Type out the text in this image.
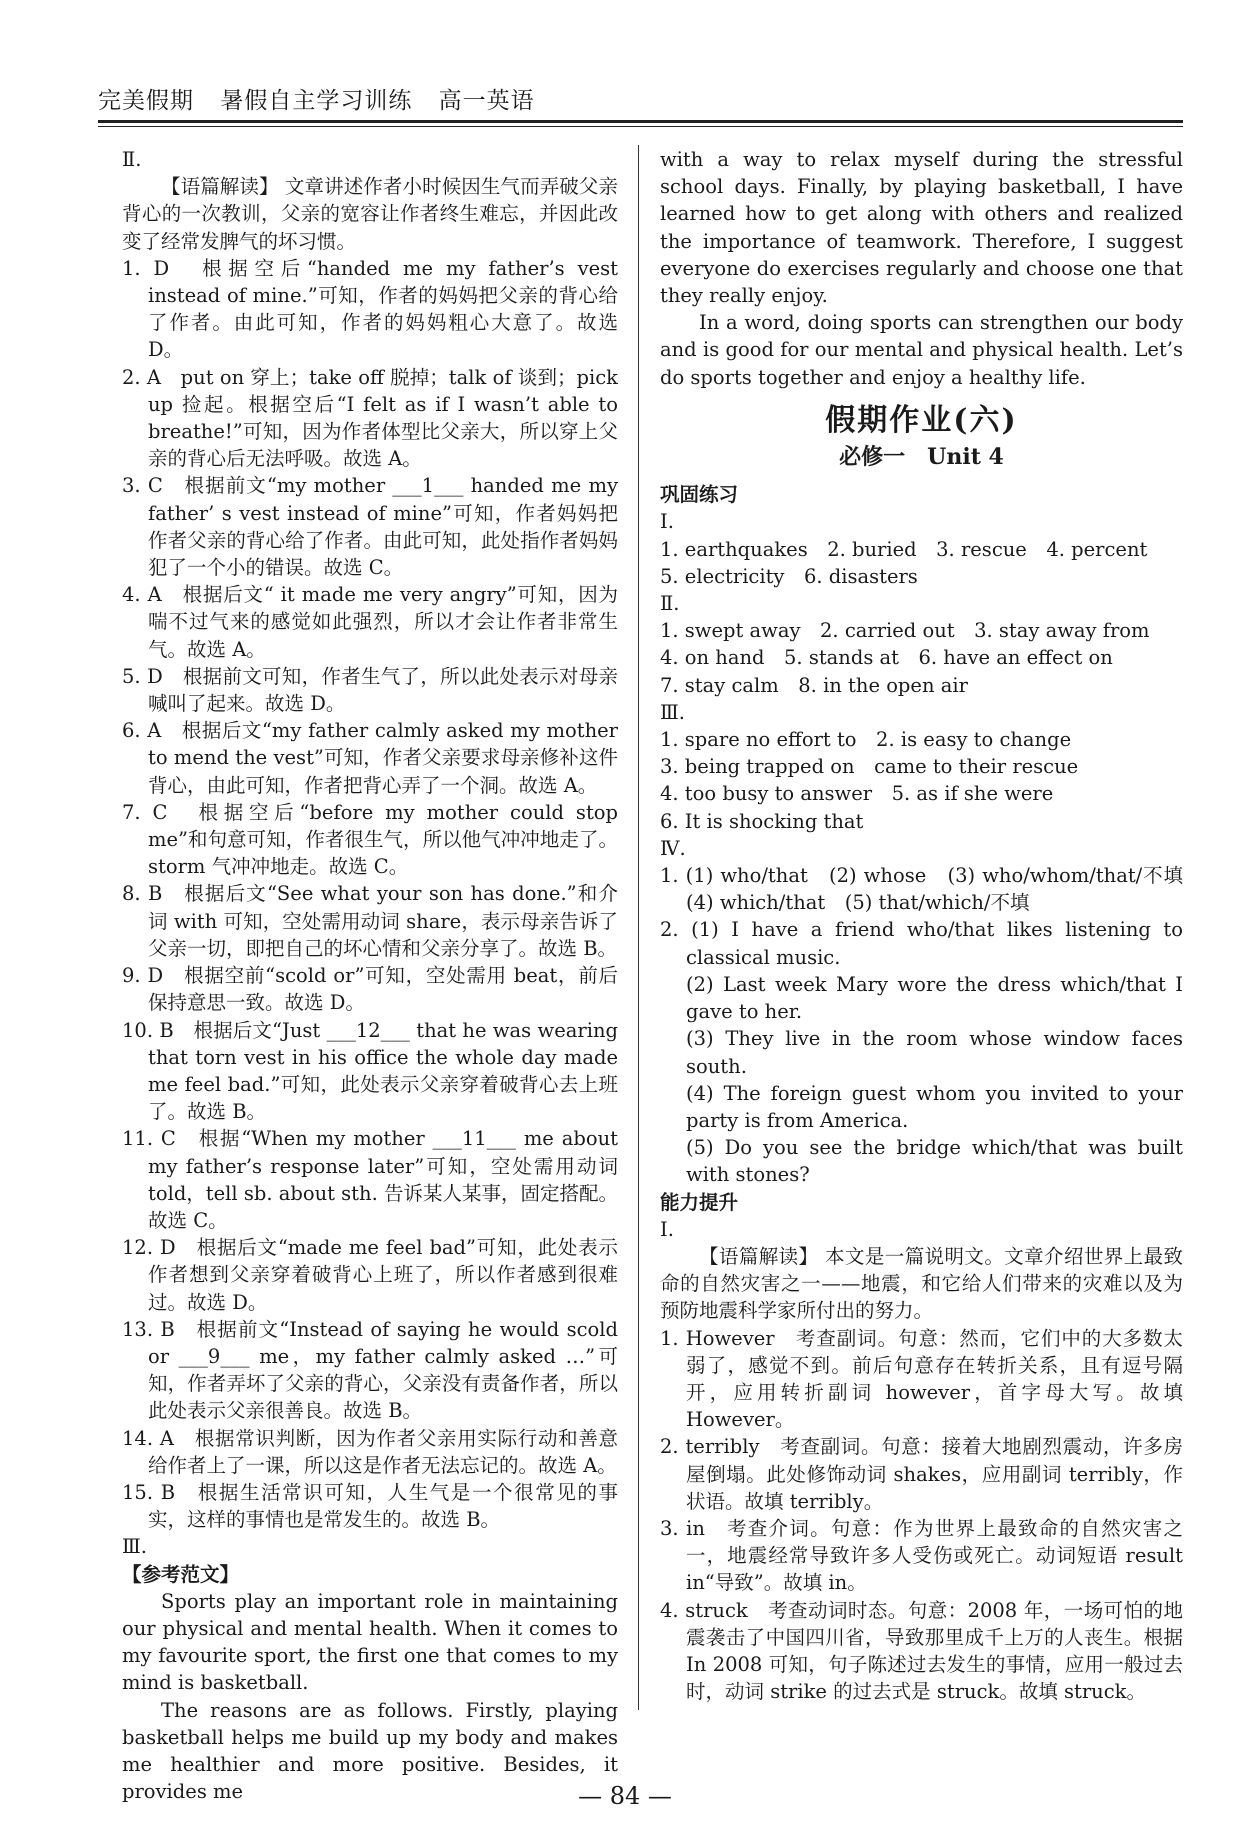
完美假期 暑假自主学习训练 高一英语

Ⅱ.

【语篇解读】 文章讲述作者小时候因生气而弄破父亲背心的一次教训，父亲的宽容让作者终生难忘，并因此改变了经常发脾气的坏习惯。

1. D　根据空后“handed me my father’s vest instead of mine.”可知，作者的妈妈把父亲的背心给了作者。由此可知，作者的妈妈粗心大意了。故选 D。

2. A　put on 穿上；take off 脱掉；talk of 谈到；pick up 捡起。根据空后“I felt as if I wasn’t able to breathe!”可知，因为作者体型比父亲大，所以穿上父亲的背心后无法呼吸。故选 A。

3. C　根据前文“my mother ___1___ handed me my father’ s vest instead of mine”可知，作者妈妈把作者父亲的背心给了作者。由此可知，此处指作者妈妈犯了一个小的错误。故选 C。

4. A　根据后文“ it made me very angry”可知，因为喘不过气来的感觉如此强烈，所以才会让作者非常生气。故选 A。

5. D　根据前文可知，作者生气了，所以此处表示对母亲喊叫了起来。故选 D。

6. A　根据后文“my father calmly asked my mother to mend the vest”可知，作者父亲要求母亲修补这件背心，由此可知，作者把背心弄了一个洞。故选 A。

7. C　根据空后“before my mother could stop me”和句意可知，作者很生气，所以他气冲冲地走了。storm 气冲冲地走。故选 C。

8. B　根据后文“See what your son has done.”和介词 with 可知，空处需用动词 share，表示母亲告诉了父亲一切，即把自己的坏心情和父亲分享了。故选 B。

9. D　根据空前“scold or”可知，空处需用 beat，前后保持意思一致。故选 D。

10. B　根据后文“Just ___12___ that he was wearing that torn vest in his office the whole day made me feel bad.”可知，此处表示父亲穿着破背心去上班了。故选 B。

11. C　根据“When my mother ___11___ me about my father’s response later”可知，空处需用动词 told，tell sb. about sth. 告诉某人某事，固定搭配。故选 C。

12. D　根据后文“made me feel bad”可知，此处表示作者想到父亲穿着破背心上班了，所以作者感到很难过。故选 D。

13. B　根据前文“Instead of saying he would scold or ___9___ me，my father calmly asked …”可知，作者弄坏了父亲的背心，父亲没有责备作者，所以此处表示父亲很善良。故选 B。

14. A　根据常识判断，因为作者父亲用实际行动和善意给作者上了一课，所以这是作者无法忘记的。故选 A。

15. B　根据生活常识可知，人生气是一个很常见的事实，这样的事情也是常发生的。故选 B。

Ⅲ.

【参考范文】

Sports play an important role in maintaining our physical and mental health. When it comes to my favourite sport, the first one that comes to my mind is basketball.

The reasons are as follows. Firstly, playing basketball helps me build up my body and makes me healthier and more positive. Besides, it provides me

with a way to relax myself during the stressful school days. Finally, by playing basketball, I have learned how to get along with others and realized the importance of teamwork. Therefore, I suggest everyone do exercises regularly and choose one that they really enjoy.

In a word, doing sports can strengthen our body and is good for our mental and physical health. Let’s do sports together and enjoy a healthy life.

假期作业(六)
必修一　Unit 4

巩固练习

Ⅰ.

1. earthquakes　2. buried　3. rescue　4. percent

5. electricity　6. disasters

Ⅱ.

1. swept away　2. carried out　3. stay away from

4. on hand　5. stands at　6. have an effect on

7. stay calm　8. in the open air

Ⅲ.

1. spare no effort to　2. is easy to change

3. being trapped on　came to their rescue

4. too busy to answer　5. as if she were

6. It is shocking that

Ⅳ.

1. (1) who/that　(2) whose　(3) who/whom/that/不填　(4) which/that　(5) that/which/不填

2. (1) I have a friend who/that likes listening to classical music.

(2) Last week Mary wore the dress which/that I gave to her.

(3) They live in the room whose window faces south.

(4) The foreign guest whom you invited to your party is from America.

(5) Do you see the bridge which/that was built with stones?

能力提升

Ⅰ.

【语篇解读】 本文是一篇说明文。文章介绍世界上最致命的自然灾害之一——地震，和它给人们带来的灾难以及为预防地震科学家所付出的努力。

1. However　考查副词。句意：然而，它们中的大多数太弱了，感觉不到。前后句意存在转折关系，且有逗号隔开，应用转折副词 however，首字母大写。故填 However。

2. terribly　考查副词。句意：接着大地剧烈震动，许多房屋倒塌。此处修饰动词 shakes，应用副词 terribly，作状语。故填 terribly。

3. in　考查介词。句意：作为世界上最致命的自然灾害之一，地震经常导致许多人受伤或死亡。动词短语 result in“导致”。故填 in。

4. struck　考查动词时态。句意：2008 年，一场可怕的地震袭击了中国四川省，导致那里成千上万的人丧生。根据 In 2008 可知，句子陈述过去发生的事情，应用一般过去时，动词 strike 的过去式是 struck。故填 struck。

— 84 —
